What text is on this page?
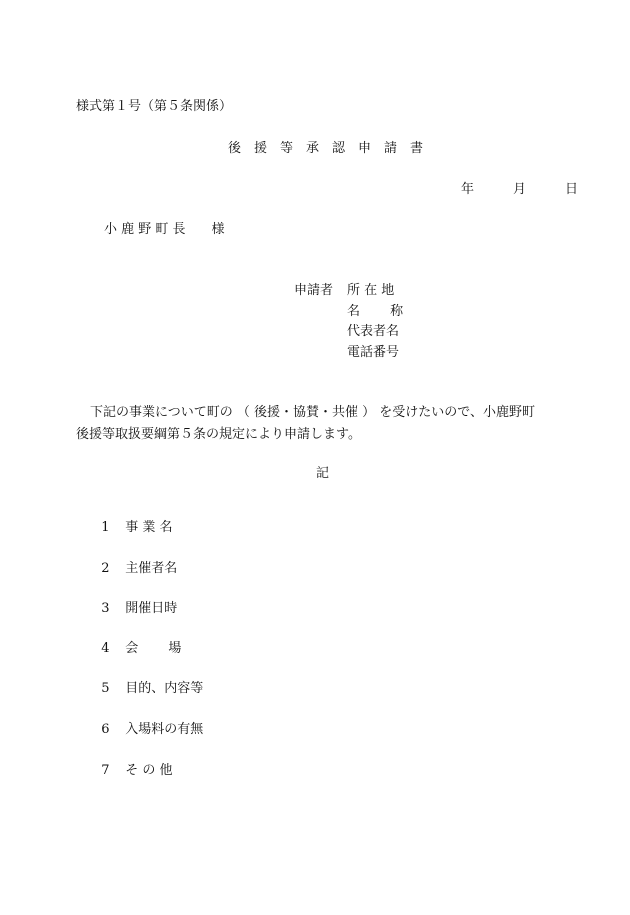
様式第１号（第５条関係）
後　援　等　承　認　申　請　書
年　　　月　　　日
小 鹿 野 町 長　　様
申請者 所 在 地
名　　 称
代表者名
電話番号
下記の事業について町の （ 後援・協賛・共催 ） を受けたいので、小鹿野町
後援等取扱要綱第５条の規定により申請します。
記

1 事 業 名

2 主催者名

3 開催日時

4 会　　 場

5 目的、内容等

6 入場料の有無

7 そ の 他
